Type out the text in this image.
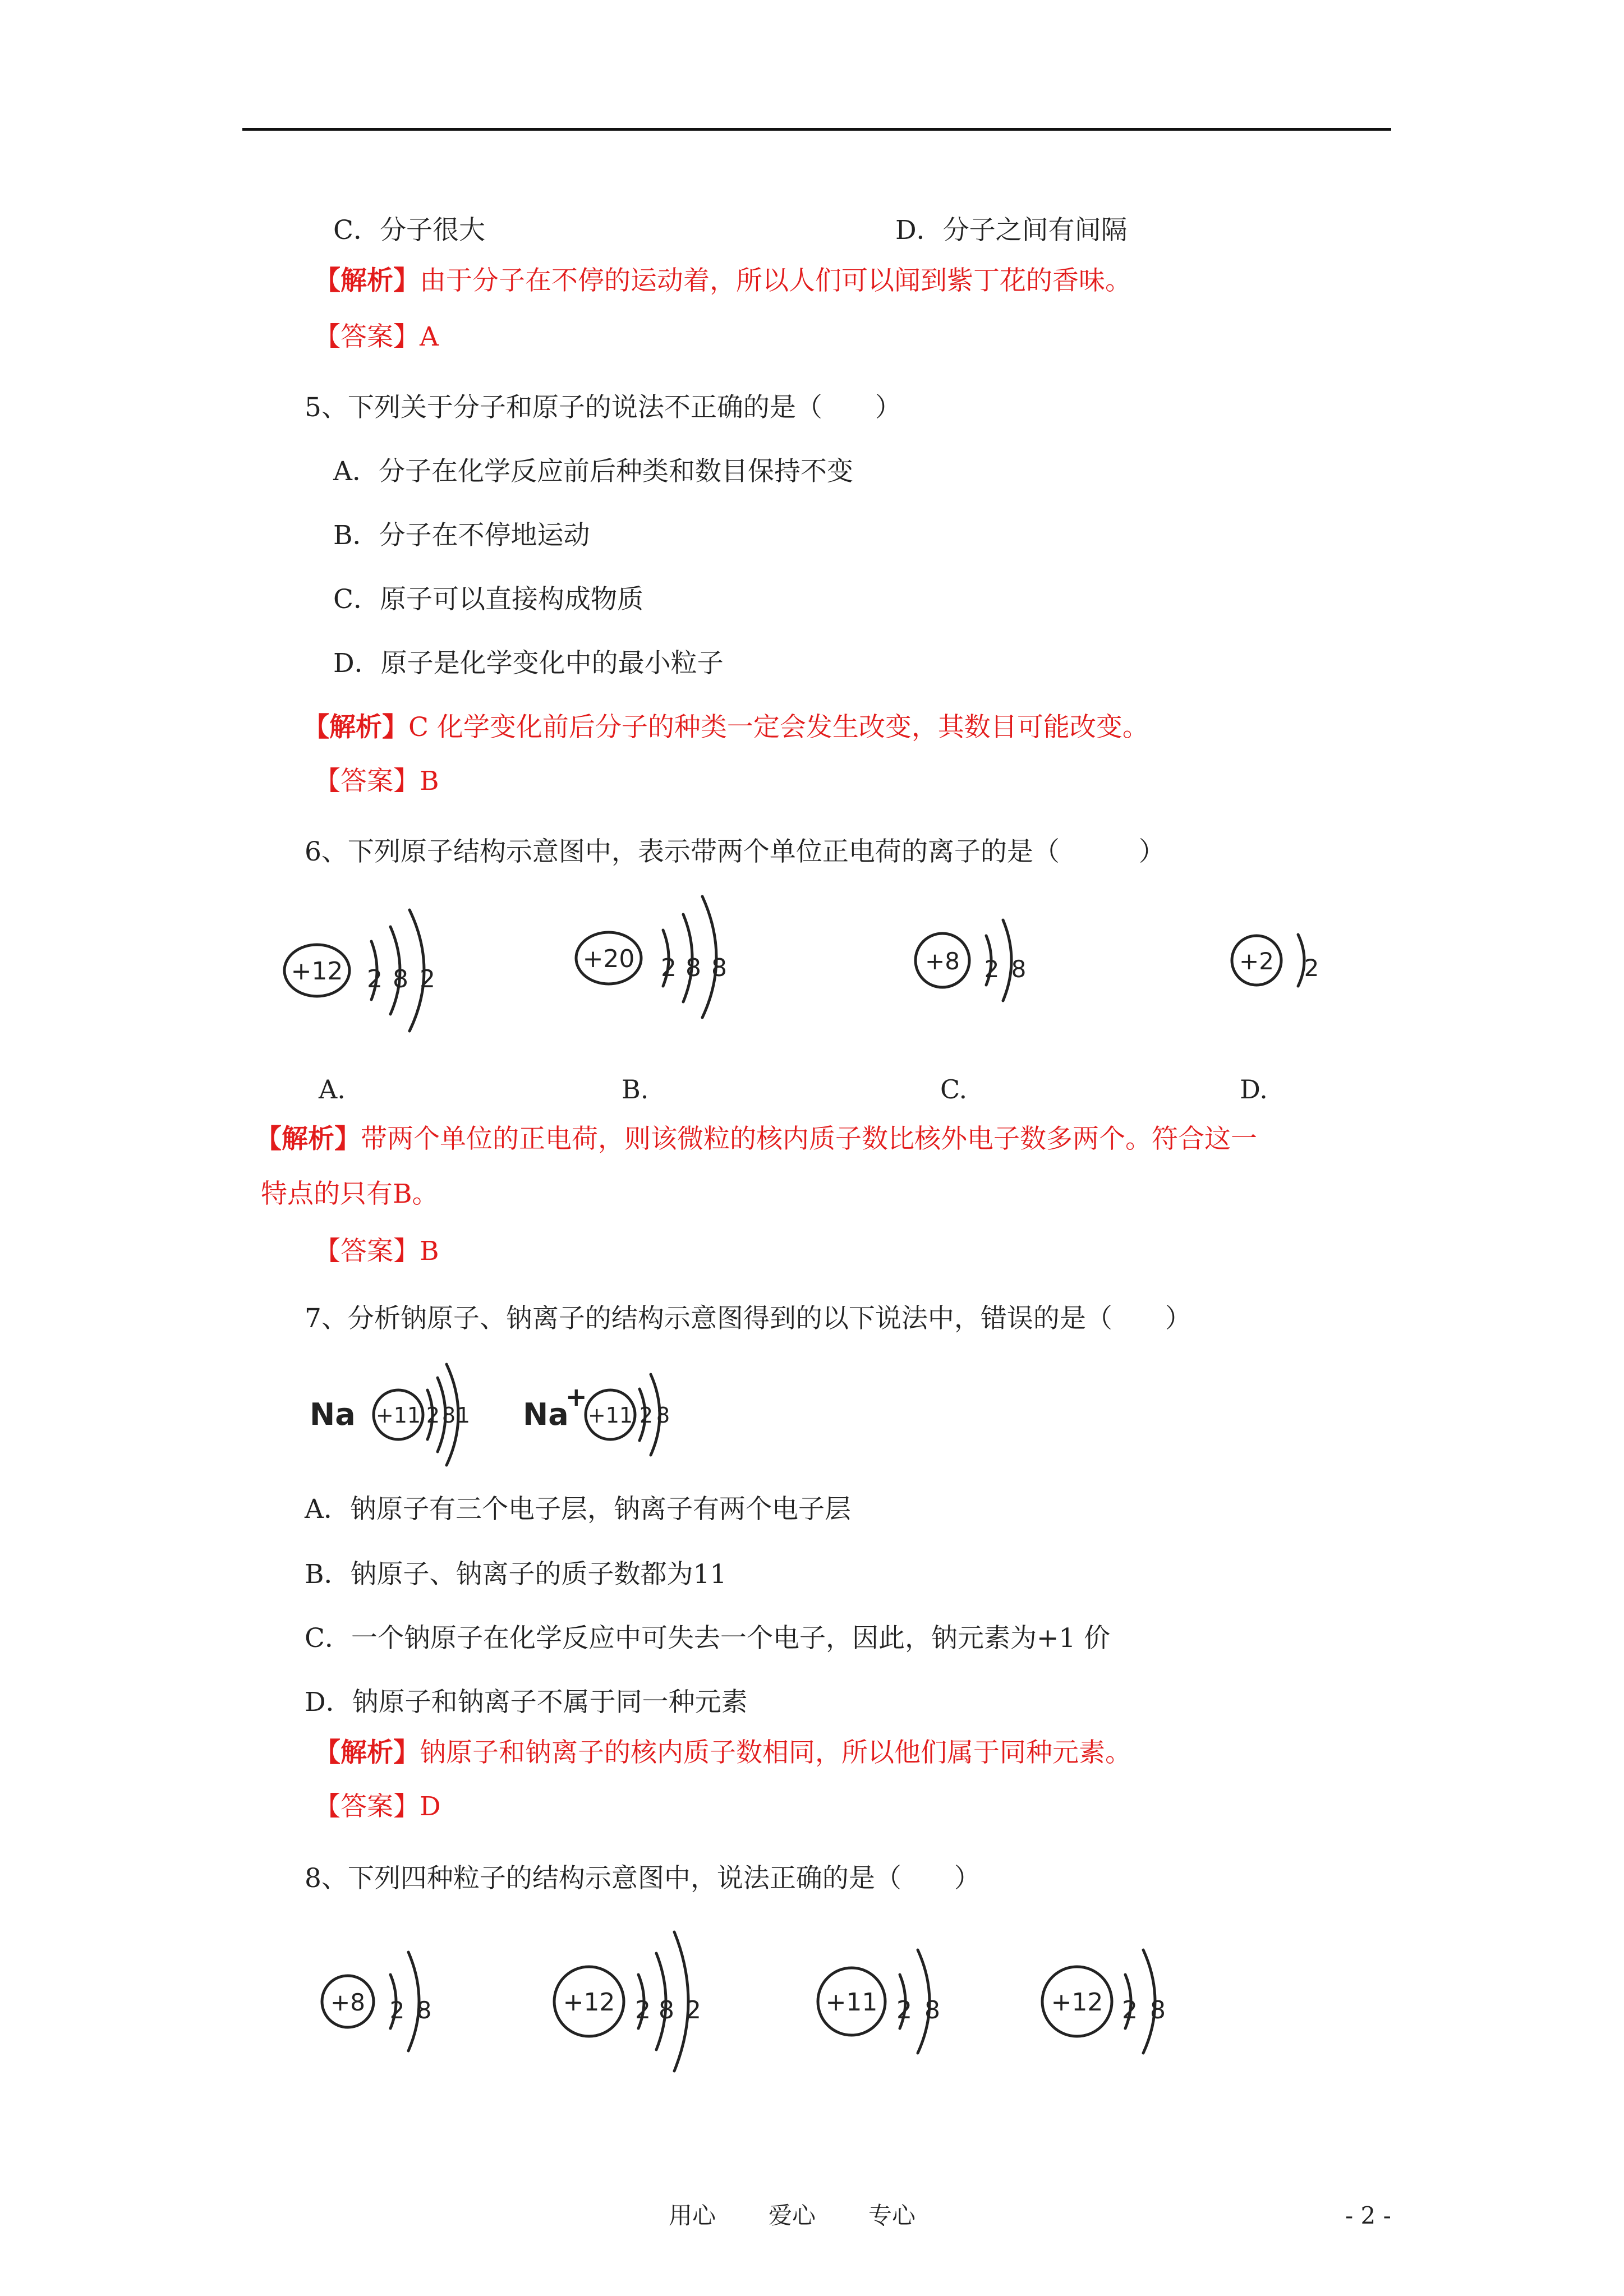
C．分子很大	D．分子之间有间隔
【解析】由于分子在不停的运动着，所以人们可以闻到紫丁花的香味。
【答案】A
5、下列关于分子和原子的说法不正确的是（　　）
A．分子在化学反应前后种类和数目保持不变
B．分子在不停地运动
C．原子可以直接构成物质
D．原子是化学变化中的最小粒子
【解析】C 化学变化前后分子的种类一定会发生改变，其数目可能改变。
【答案】B
6、下列原子结构示意图中，表示带两个单位正电荷的离子的是（　　　）
+12 2 8 2
+20 2 8 8	+8 2 8	+2 2
A.	B.	C.	D.
【解析】带两个单位的正电荷，则该微粒的核内质子数比核外电子数多两个。符合这一
特点的只有B。
【答案】B
7、分析钠原子、钠离子的结构示意图得到的以下说法中，错误的是（　　）
Na +11 2 8 1 Na
+
+11 2 8
A．钠原子有三个电子层，钠离子有两个电子层
B．钠原子、钠离子的质子数都为11
C．一个钠原子在化学反应中可失去一个电子，因此，钠元素为+1 价
D．钠原子和钠离子不属于同一种元素
【解析】钠原子和钠离子的核内质子数相同，所以他们属于同种元素。
【答案】D
8、下列四种粒子的结构示意图中，说法正确的是（　　）
+8 2 8	+12 2 8 2	+11 2 8	+12 2 8
用心 爱心 专心	- 2 -
